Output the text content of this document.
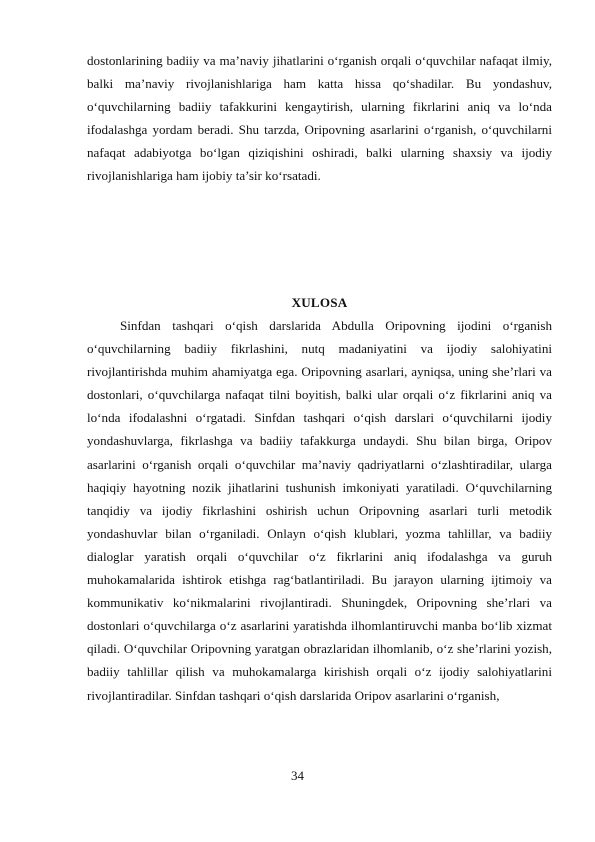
dostonlarining badiiy va ma’naviy jihatlarini o‘rganish orqali o‘quvchilar nafaqat ilmiy, balki ma’naviy rivojlanishlariga ham katta hissa qo‘shadilar. Bu yondashuv, o‘quvchilarning badiiy tafakkurini kengaytirish, ularning fikrlarini aniq va lo‘nda ifodalashga yordam beradi. Shu tarzda, Oripovning asarlarini o‘rganish, o‘quvchilarni nafaqat adabiyotga bo‘lgan qiziqishini oshiradi, balki ularning shaxsiy va ijodiy rivojlanishlariga ham ijobiy ta’sir ko‘rsatadi.

XULOSA

Sinfdan tashqari o‘qish darslarida Abdulla Oripovning ijodini o‘rganish o‘quvchilarning badiiy fikrlashini, nutq madaniyatini va ijodiy salohiyatini rivojlantirishda muhim ahamiyatga ega. Oripovning asarlari, ayniqsa, uning she’rlari va dostonlari, o‘quvchilarga nafaqat tilni boyitish, balki ular orqali o‘z fikrlarini aniq va lo‘nda ifodalashni o‘rgatadi. Sinfdan tashqari o‘qish darslari o‘quvchilarni ijodiy yondashuvlarga, fikrlashga va badiiy tafakkurga undaydi. Shu bilan birga, Oripov asarlarini o‘rganish orqali o‘quvchilar ma’naviy qadriyatlarni o‘zlashtiradilar, ularga haqiqiy hayotning nozik jihatlarini tushunish imkoniyati yaratiladi. O‘quvchilarning tanqidiy va ijodiy fikrlashini oshirish uchun Oripovning asarlari turli metodik yondashuvlar bilan o‘rganiladi. Onlayn o‘qish klublari, yozma tahlillar, va badiiy dialoglar yaratish orqali o‘quvchilar o‘z fikrlarini aniq ifodalashga va guruh muhokamalarida ishtirok etishga rag‘batlantiriladi. Bu jarayon ularning ijtimoiy va kommunikativ ko‘nikmalarini rivojlantiradi. Shuningdek, Oripovning she’rlari va dostonlari o‘quvchilarga o‘z asarlarini yaratishda ilhomlantiruvchi manba bo‘lib xizmat qiladi. O‘quvchilar Oripovning yaratgan obrazlaridan ilhomlanib, o‘z she’rlarini yozish, badiiy tahlillar qilish va muhokamalarga kirishish orqali o‘z ijodiy salohiyatlarini rivojlantiradilar. Sinfdan tashqari o‘qish darslarida Oripov asarlarini o‘rganish,

34
